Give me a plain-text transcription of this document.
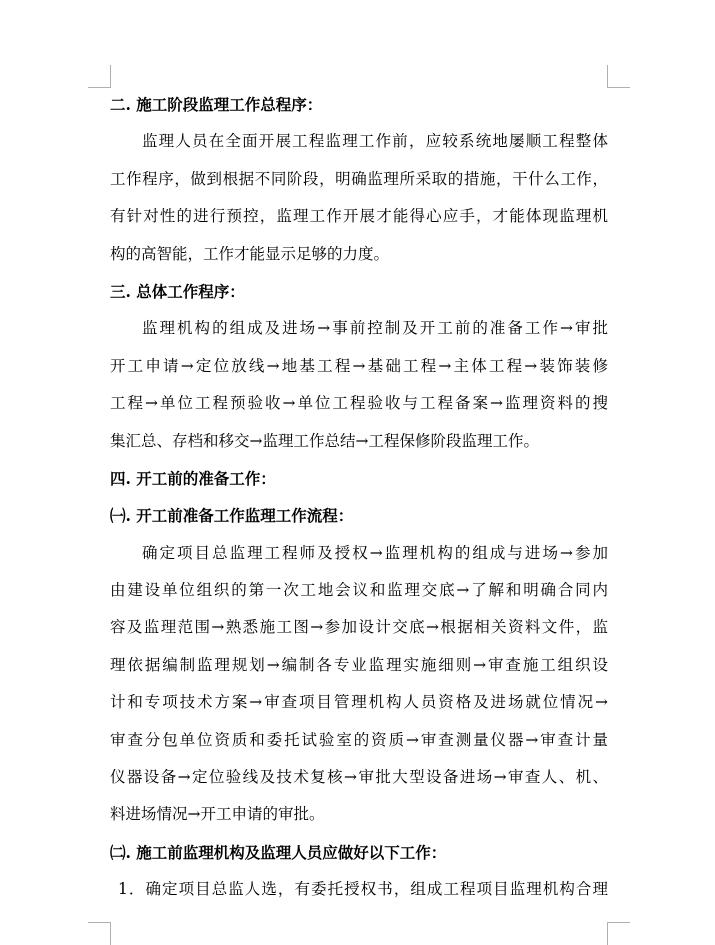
二. 施工阶段监理工作总程序：
监理人员在全面开展工程监理工作前，应较系统地屡顺工程整体
工作程序，做到根据不同阶段，明确监理所采取的措施，干什么工作，
有针对性的进行预控，监理工作开展才能得心应手，才能体现监理机
构的高智能，工作才能显示足够的力度。
三. 总体工作程序：
监理机构的组成及进场→事前控制及开工前的准备工作→审批
开工申请→定位放线→地基工程→基础工程→主体工程→装饰装修
工程→单位工程预验收→单位工程验收与工程备案→监理资料的搜
集汇总、存档和移交→监理工作总结→工程保修阶段监理工作。
四. 开工前的准备工作：
㈠. 开工前准备工作监理工作流程：
确定项目总监理工程师及授权→监理机构的组成与进场→参加
由建设单位组织的第一次工地会议和监理交底→了解和明确合同内
容及监理范围→熟悉施工图→参加设计交底→根据相关资料文件，监
理依据编制监理规划→编制各专业监理实施细则→审查施工组织设
计和专项技术方案→审查项目管理机构人员资格及进场就位情况→
审查分包单位资质和委托试验室的资质→审查测量仪器→审查计量
仪器设备→定位验线及技术复核→审批大型设备进场→审查人、机、
料进场情况→开工申请的审批。
㈡. 施工前监理机构及监理人员应做好以下工作：
1．确定项目总监人选，有委托授权书，组成工程项目监理机构合理
